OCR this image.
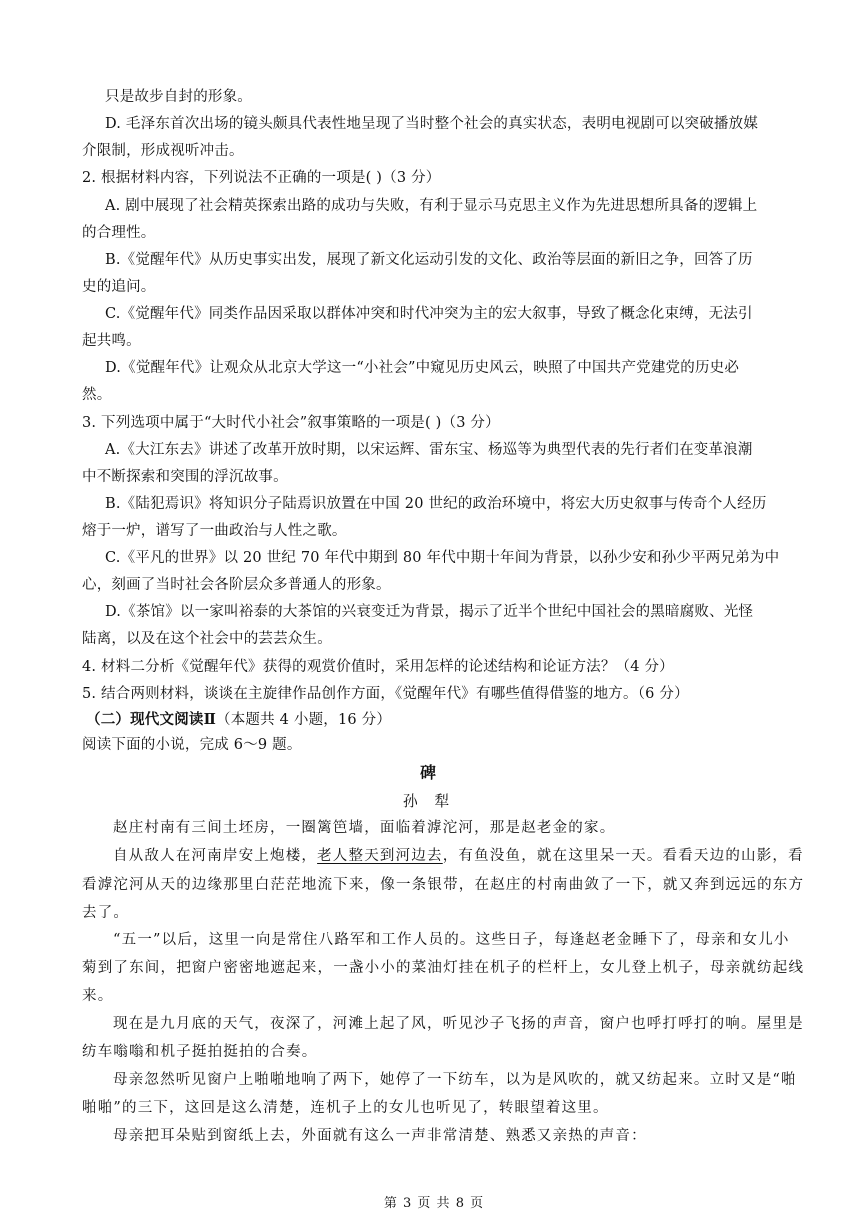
只是故步自封的形象。
D. 毛泽东首次出场的镜头颇具代表性地呈现了当时整个社会的真实状态，表明电视剧可以突破播放媒
介限制，形成视听冲击。
2. 根据材料内容，下列说法不正确的一项是( )（3 分）
A. 剧中展现了社会精英探索出路的成功与失败，有利于显示马克思主义作为先进思想所具备的逻辑上
的合理性。
B.《觉醒年代》从历史事实出发，展现了新文化运动引发的文化、政治等层面的新旧之争，回答了历
史的追问。
C.《觉醒年代》同类作品因采取以群体冲突和时代冲突为主的宏大叙事，导致了概念化束缚，无法引
起共鸣。
D.《觉醒年代》让观众从北京大学这一“小社会”中窥见历史风云，映照了中国共产党建党的历史必
然。
3. 下列选项中属于“大时代小社会”叙事策略的一项是( )（3 分）
A.《大江东去》讲述了改革开放时期，以宋运辉、雷东宝、杨巡等为典型代表的先行者们在变革浪潮
中不断探索和突围的浮沉故事。
B.《陆犯焉识》将知识分子陆焉识放置在中国 20 世纪的政治环境中，将宏大历史叙事与传奇个人经历
熔于一炉，谱写了一曲政治与人性之歌。
C.《平凡的世界》以 20 世纪 70 年代中期到 80 年代中期十年间为背景，以孙少安和孙少平两兄弟为中
心，刻画了当时社会各阶层众多普通人的形象。
D.《茶馆》以一家叫裕泰的大茶馆的兴衰变迁为背景，揭示了近半个世纪中国社会的黑暗腐败、光怪
陆离，以及在这个社会中的芸芸众生。
4. 材料二分析《觉醒年代》获得的观赏价值时，采用怎样的论述结构和论证方法？（4 分）
5. 结合两则材料，谈谈在主旋律作品创作方面，《觉醒年代》有哪些值得借鉴的地方。（6 分）
（二）现代文阅读Ⅱ（本题共 4 小题，16 分）
阅读下面的小说，完成 6～9 题。
碑
孙 犁
赵庄村南有三间土坯房，一圈篱笆墙，面临着滹沱河，那是赵老金的家。
自从敌人在河南岸安上炮楼，老人整天到河边去，有鱼没鱼，就在这里呆一天。看看天边的山影，看
看滹沱河从天的边缘那里白茫茫地流下来，像一条银带，在赵庄的村南曲敛了一下，就又奔到远远的东方
去了。
“五一”以后，这里一向是常住八路军和工作人员的。这些日子，每逢赵老金睡下了，母亲和女儿小
菊到了东间，把窗户密密地遮起来，一盏小小的菜油灯挂在机子的栏杆上，女儿登上机子，母亲就纺起线
来。
现在是九月底的天气，夜深了，河滩上起了风，听见沙子飞扬的声音，窗户也呼打呼打的响。屋里是
纺车嗡嗡和机子挺拍挺拍的合奏。
母亲忽然听见窗户上啪啪地响了两下，她停了一下纺车，以为是风吹的，就又纺起来。立时又是“啪
啪啪”的三下，这回是这么清楚，连机子上的女儿也听见了，转眼望着这里。
母亲把耳朵贴到窗纸上去，外面就有这么一声非常清楚、熟悉又亲热的声音：
第 3 页 共 8 页
